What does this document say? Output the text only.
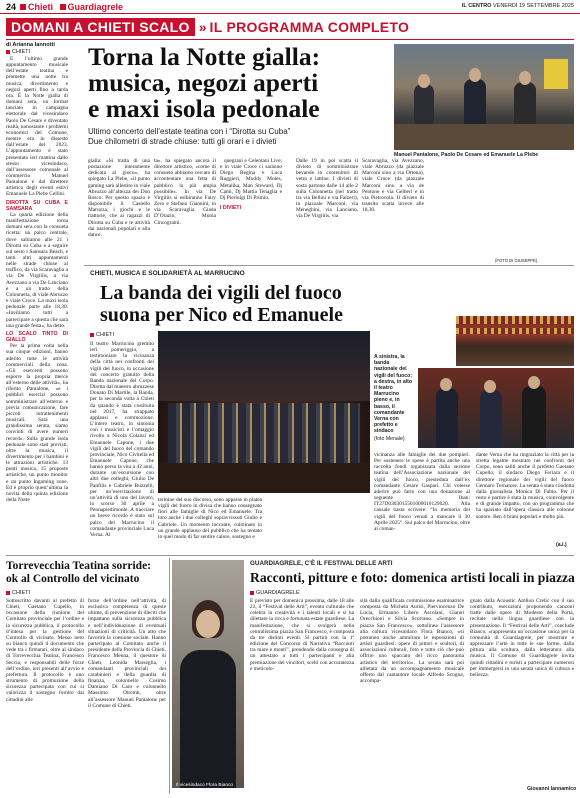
24	Chieti Guardiagrele	IL CENTRO VENERDÌ 19 SETTEMBRE 2025
DOMANI A CHIETI SCALO » IL PROGRAMMA COMPLETO
di Arianna Iannotti
CHIETI

È l’ultimo grande appuntamento musicale dell’estate teatina e promette una notte tra musica, divertimento e negozi aperti fino a tarda ora. È la Notte gialla di domani sera, un format lanciato in campagna elettorale dal vicesindaco Paolo De Cesare e diventato realtà, nonostante i problemi economici del Comune, mentre era in dissesto dall’estate del 2023. L’appuntamento è stato presentato ieri mattina dallo stesso vicesindaco, dall’assessore comunale al commercio Manuel Pantalone e dal direttore artistico degli eventi estivi Emanuele La Plebe Cellini.

DIROTTA SU CUBA E SAMSARA

La quarta edizione della manifestazione torna domani sera con la consueta ricetta: un palco centrale, dove saliranno alle 21 i Dirotta su Cuba e a seguire sul sesto i Samsara Beach, e tanti altri appuntamenti nelle strade chiuse al traffico, da via Scaravaglia a via De Virgiliis, a via Avezzano a via De Lanciano e a un tratto della Colonnetta, di viale Abruzzo e viale Croce. La maxi isola pedonale parte alle 18,30. «Invitiamo tutti a partecipare a questa che sarà una grande festa», ha detto.

LO SCALO TINTO DI GIALLO

Per la prima volta nella sua cinque edizioni, banno aderito tutte le attività commerciali della zona. «Gli esercenti possono esporre la propria merce all’esterno delle attività», ha riferito Pantalone, «e i pubblici esercizi possono somministrare all’esterno e previa comunicazione, fare piccoli intrattenimenti musicali. Sarà una grandissima serata, siamo convinti di avere numeri record». Sulla grande isola pedonale sono stati previsti, oltre la musica, il divertimento per i bambini e le attrazioni artistiche. 13 punti musica, 15 proposte artistiche, un punto monitor e un punto Ingaming zone. Ed è proprio quest’ultima la novità della quinta edizione della Notte

Torna la Notte gialla:
musica, negozi aperti
e maxi isola pedonale
Ultimo concerto dell’estate teatina con i “Dirotta su Cuba”
Due chilometri di strade chiuse: tutti gli orari e i divieti
Manuel Pantalone, Paolo De Cesare ed Emanuele La Plebe
gialla: «Si tratta di una postazione interamente dedicata al gioco», ha spiegato La Plebe, «il punto gaming sarà allestito in viale Abruzzo all’altezza dei Don Bosco. Per questo spazio è disponibile il Castello Maruzza, i giochi e le trattorie, che ai ragazzi di Dirotta su Cuba e le attività dai nazionali popolari e alla dance.
ta», ha spiegato ancora il direttore artistico, «come di consueto abbiamo cercato di accontentare una fetta di pubblico la più ampia possibile». In via De Virgiliis si esibiranno Fairy Zero e Stefano Giannini, in via Scaravaglia Giada D’Orazio, Monia Cincogrami.

quegrani e Celentani Live; e in viale Croce ci saranno Diego Regina e Luca Ruggieri, Muddy Moles, Metalika, Man Steward, Dj Cami, Dj Mattia Tenaglia e Dj Pierluigi Di Primio.

I DIVIETI

Dalle 19 in poi scatta il divieto di somministrare bevande in contenitori di vetro e lattine. I divieti di sosta partono dalle 14 alle 2 sulla Colonnetta (nel tratto tra via Bellini e via Falzeri), in piazzale Marconi, via Meneghini, via Lanciano, via De Virgiliis, via
Scaravaglia, via Avezzano, viale Abruzzo (da piazzale Marconi sino a via Ortona), viale Croce (da piazzale Marconi sino a via de Pentone e via Gelberi e in via Pietrocola. Il divieto di transito scatta invece alle 18,30.
(FOTO DI GIUSEPPE)
CHIETI, MUSICA E SOLIDARIETÀ AL MARRUCINO
La banda dei vigili del fuoco
suona per Nico ed Emanuele
CHIETI
Il teatro Marrucino gremito ieri pomeriggio, a testimoniare la vicinanza della città nei confronti dei vigili del fuoco, in occasione del concerto gratuito della Banda nazionale del Corpo. Diretta dal maestro abruzzese Donato Di Martile, la Banda, per la seconda volta a Chieti da quando è stata costituita nel 2017, ha strappato applausi e commozione. L’intero teatro, in sintonia con i musicisti e l’omaggio rivolto a Nicola Colanzi ed Emanuele Capone, i due vigili del fuoco del comando provinciale, Nico Civitella ed Emanuele Capone, che hanno perso la vita a 42 anni, durante un’escursione con altri due colleghi, Giulio De Panfilis e Gabriele Buzzelli, per un’esercitazione di un’attività di uno del lavoro, lo scorso 30 aprile a Pennapiedimonte. A tracciare un breve ricordo è stato sul palco del Marrucino il comandante provinciale Luca Verna. Al
termine del suo discorso, sono apparse in platea vigili del fuoco in divisa che hanno consegnato fiori alle famiglie di Nico ed Emanuele. Tra loro anche i due colleghi sopravvissuti Giulio e Gabriele. Un momento toccante, culminato in un grande applauso del pubblico che ha tentato in quel modo di far sentire calore, sostegno e
A sinistra, la banda nazionale dei vigili del fuoco; a destra, in alto il teatro Marrucino pieno e, in basso, il comandante Verna con prefetto e sindaco
(foto Menale)
vicinanza alle famiglie dei due pompieri. Per sostenere le spese è partita anche una raccolta fondi organizzata dalla sezione teatina dell’Associazione nazionale dei vigili del fuoco, presieduta dall’ex comandante Cesare Gaspari. Chi volesse aderire può farlo con una donazione al seguente Iban: IT27D0303015501000010129020. Alla causale basta scrivere: “In memoria dei vigili del fuoco venuti a mancare il 30 Aprile 2025”. Sul palco del Marrucino, oltre al coman-
dante Verna che ha ringraziato la città per la stretta legame mostrato nei confronti del Corpo, sono saliti anche il prefetto Gaetano Cupello, il sindaco Diego Ferrara e il direttore regionale dei vigili del fuoco Gennaro Tornatore. La serata è stata condotta dalla giornalista Monica Di Fabio. Per il resto è partire è stata la musica, coinvolgente e di grande impatto, con un programma che ha spaziato dall’opera classica alle colonne sonore. Ben 4 brani popolari e molto più.
(a.i.)
Torrevecchia Teatina sorride:
ok al Controllo del vicinato
CHIETI
Sottoscritto davanti al prefetto di Chieti, Gaetano Cupello, in occasione della riunione del Comitato provinciale per l’ordine e la sicurezza pubblica, il protocollo d’intesa per la gestione del Controllo di vicinato. Messo nero su bianco quindi il documento che vede tra i firmatari, oltre al sindaco di Torrevecchia Teatina, Francesco Seccia, e responsabili delle forze dell’ordine, ieri presenti all’avvio e prefettura. Il protocollo è uno strumento di promozione della sicurezza partecipata con cui si valorizza il sostegno fornito dai cittadini alle
forze dell’ordine nell’attività, di esclusiva competenza di queste ultime, di prevenzione di illeciti che impattano sulla sicurezza pubblica e nell’individuazione di eventuali situazioni di criticità. Un atto che favorirà la coesione sociale. Hanno partecipato al Comitato anche il presidente della Provincia di Chieti, Francesco Menna, il questore di Chieti, Leonida Marseglia, i comandanti provinciali dei carabinieri e della guardia di finanza, colonnello Cosimo Damiano Di Caro e colonnello Massimo Ottomb, oltre all’assessore Manuel Pantalone per il Comune di Chieti.
Il vicesindaco Flora Bianco
GUARDIAGRELE, C’È IL FESTIVAL DELLE ARTI
Racconti, pitture e foto: domenica artisti locali in piazza
GUARDIAGRELE
È previsto per domenica prossima, dalle 18 alle 23, il “Festival delle Arti”, evento culturale che celebra la creatività e i talenti locali e si ha dilettare la ricca e fortunata estate guardiese. La manifestazione, che si svolgerà nella centralissima piazza San Francesco, è composta da tre distinti eventi. Si partirà con la 1ª edizione del Concorso di Narrativa “Racconti tra mare e monti”, prendendo dalla consegna di un attestato a tutti i partecipanti e alla premiazione dei vincitori, scelti con accuratezza e meticolo-
sità dalla qualificata commissione esaminatrice composta da Michela Aurisi, Piervincenzo De Lucia, Ermanno Libero Ascolani, Gianni Orecchioni e Silvia Scorrano. «Sempre in piazza San Francesco», sottolinea l’assessore alla cultura vicesindaco Flora Bianco, «si potranno anche ammirare le esposizioni di artisti guardiesi: opere di pittori e scultori, di associazioni culturali, foto e tutto ciò che può offrire uno spaccato del ricco panorama artistico del territorio». La serata sarà poi allietata da un accompagnamento musicale offerto dal cantautore locale Alfredo Scogna, accompa-
gnato dalla Acoustic Amlion Crelic con il suo contributo, esecuzioni proponendo canzoni tratte dalle opere di Modesto della Porta, recitate nella lingua guardiese con la presentazione. Il “Festival delle Arti”, conclude Bianco, «rappresenta un’occasione unica per la comunità di Guardiagrele, per mostrare e apprezzare l’arte in tutte le sue forme, dalla pittura alla scultura, dalla letteratura alla musica. Il Comune di Guardiagrele invita quindi cittadini e turisti a partecipare numerosi per immergersi in una serata unica di cultura e bellezza.
Giovanni Iannamico
